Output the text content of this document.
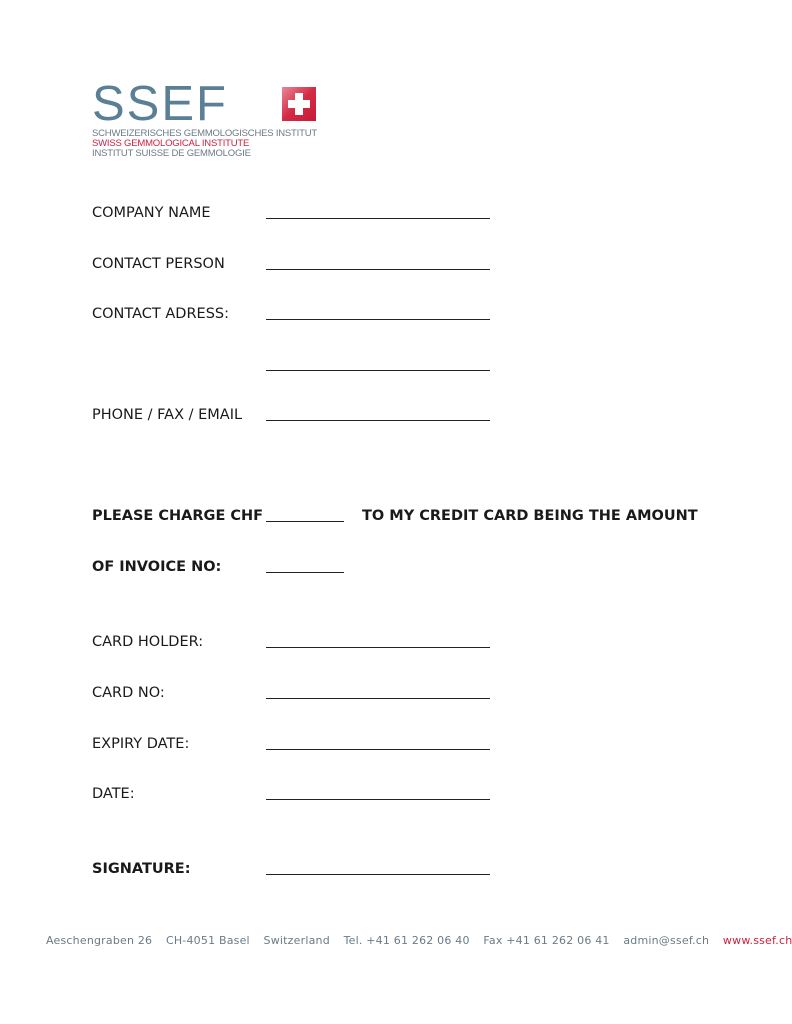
SSEF
SCHWEIZERISCHES GEMMOLOGISCHES INSTITUT
SWISS GEMMOLOGICAL INSTITUTE
INSTITUT SUISSE DE GEMMOLOGIE
COMPANY NAME
CONTACT PERSON
CONTACT ADRESS:
PHONE / FAX / EMAIL
PLEASE CHARGE CHF	TO MY CREDIT CARD BEING THE AMOUNT
OF INVOICE NO:
CARD HOLDER:
CARD NO:
EXPIRY DATE:
DATE:
SIGNATURE:
Aeschengraben 26 CH-4051 Basel Switzerland Tel. +41 61 262 06 40 Fax +41 61 262 06 41 admin@ssef.ch www.ssef.ch
